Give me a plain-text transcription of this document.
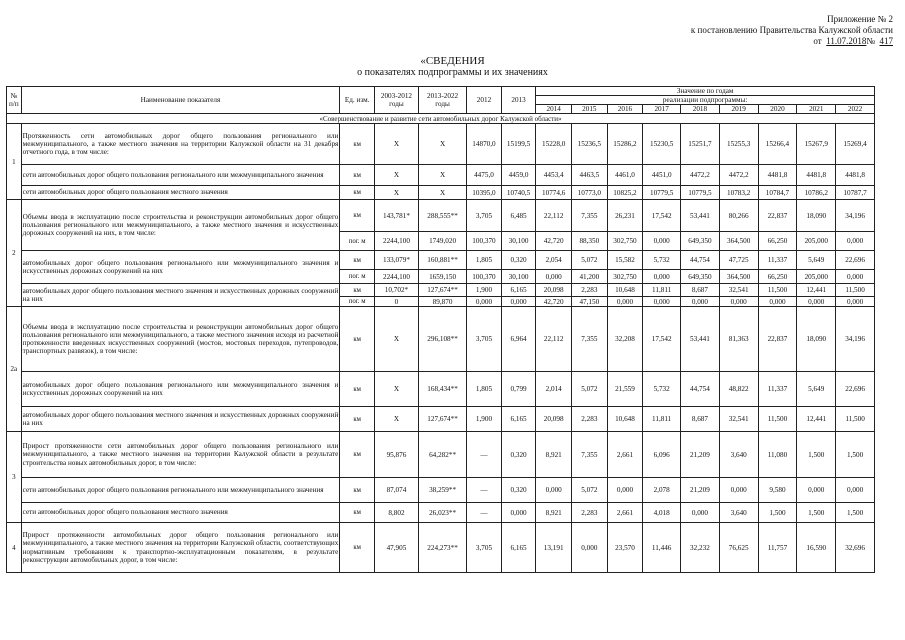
Приложение № 2
к постановлению Правительства Калужской области
от 11.07.2018№ 417
«СВЕДЕНИЯ
о показателях подпрограммы и их значениях
№ п/п	Наименование показателя	Ед. изм.	2003-2012 годы	2013-2022 годы	2012	2013	Значение по годам								
							реализации подпрограммы:								
							2014	2015	2016	2017	2018	2019	2020	2021	2022
«Совершенствование и развитие сети автомобильных дорог Калужской области»															
1	Протяженность сети автомобильных дорог общего пользования регионального или межмуниципального, а также местного значения на территории Калужской области на 31 декабря отчетного года, в том числе:	км	Х	Х	14870,0	15199,5	15228,0	15236,5	15286,2	15230,5	15251,7	15255,3	15266,4	15267,9	15269,4
	сети автомобильных дорог общего пользования регионального или межмуниципального значения	км	Х	Х	4475,0	4459,0	4453,4	4463,5	4461,0	4451,0	4472,2	4472,2	4481,8	4481,8	4481,8
	сети автомобильных дорог общего пользования местного значения	км	Х	Х	10395,0	10740,5	10774,6	10773,0	10825,2	10779,5	10779,5	10783,2	10784,7	10786,2	10787,7
2	Объемы ввода в эксплуатацию после строительства и реконструкции автомобильных дорог общего пользования регионального или межмуниципального, а также местного значения и искусственных дорожных сооружений на них, в том числе:	км	143,781*	288,555**	3,705	6,485	22,112	7,355	26,231	17,542	53,441	80,266	22,837	18,090	34,196
		пог. м	2244,100	1749,020	100,370	30,100	42,720	88,350	302,750	0,000	649,350	364,500	66,250	205,000	0,000
	автомобильных дорог общего пользования регионального или межмуниципального значения и искусственных дорожных сооружений на них	км	133,079*	160,881**	1,805	0,320	2,054	5,072	15,582	5,732	44,754	47,725	11,337	5,649	22,696
		пог. м	2244,100	1659,150	100,370	30,100	0,000	41,200	302,750	0,000	649,350	364,500	66,250	205,000	0,000
	автомобильных дорог общего пользования местного значения и искусственных дорожных сооружений на них	км	10,702*	127,674**	1,900	6,165	20,098	2,283	10,648	11,811	8,687	32,541	11,500	12,441	11,500
		пог. м	0	89,870	0,000	0,000	42,720	47,150	0,000	0,000	0,000	0,000	0,000	0,000	0,000
2а	Объемы ввода в эксплуатацию после строительства и реконструкции автомобильных дорог общего пользования регионального или межмуниципального, а также местного значения исходя из расчетной протяженности введенных искусственных сооружений (мостов, мостовых переходов, путепроводов, транспортных развязок), в том числе:	км	Х	296,108**	3,705	6,964	22,112	7,355	32,208	17,542	53,441	81,363	22,837	18,090	34,196
	автомобильных дорог общего пользования регионального или межмуниципального значения и искусственных дорожных сооружений на них	км	Х	168,434**	1,805	0,799	2,014	5,072	21,559	5,732	44,754	48,822	11,337	5,649	22,696
	автомобильных дорог общего пользования местного значения и искусственных дорожных сооружений на них	км	Х	127,674**	1,900	6,165	20,098	2,283	10,648	11,811	8,687	32,541	11,500	12,441	11,500
3	Прирост протяженности сети автомобильных дорог общего пользования регионального или межмуниципального, а также местного значения на территории Калужской области в результате строительства новых автомобильных дорог, в том числе:	км	95,876	64,282**	—	0,320	8,921	7,355	2,661	6,096	21,209	3,640	11,080	1,500	1,500
	сети автомобильных дорог общего пользования регионального или межмуниципального значения	км	87,074	38,259**	—	0,320	0,000	5,072	0,000	2,078	21,209	0,000	9,580	0,000	0,000
	сети автомобильных дорог общего пользования местного значения	км	8,802	26,023**	—	0,000	8,921	2,283	2,661	4,018	0,000	3,640	1,500	1,500	1,500
4	Прирост протяженности автомобильных дорог общего пользования регионального или межмуниципального, а также местного значения на территории Калужской области, соответствующих нормативным требованиям к транспортно-эксплуатационным показателям, в результате реконструкции автомобильных дорог, в том числе:	км	47,905	224,273**	3,705	6,165	13,191	0,000	23,570	11,446	32,232	76,625	11,757	16,590	32,696
